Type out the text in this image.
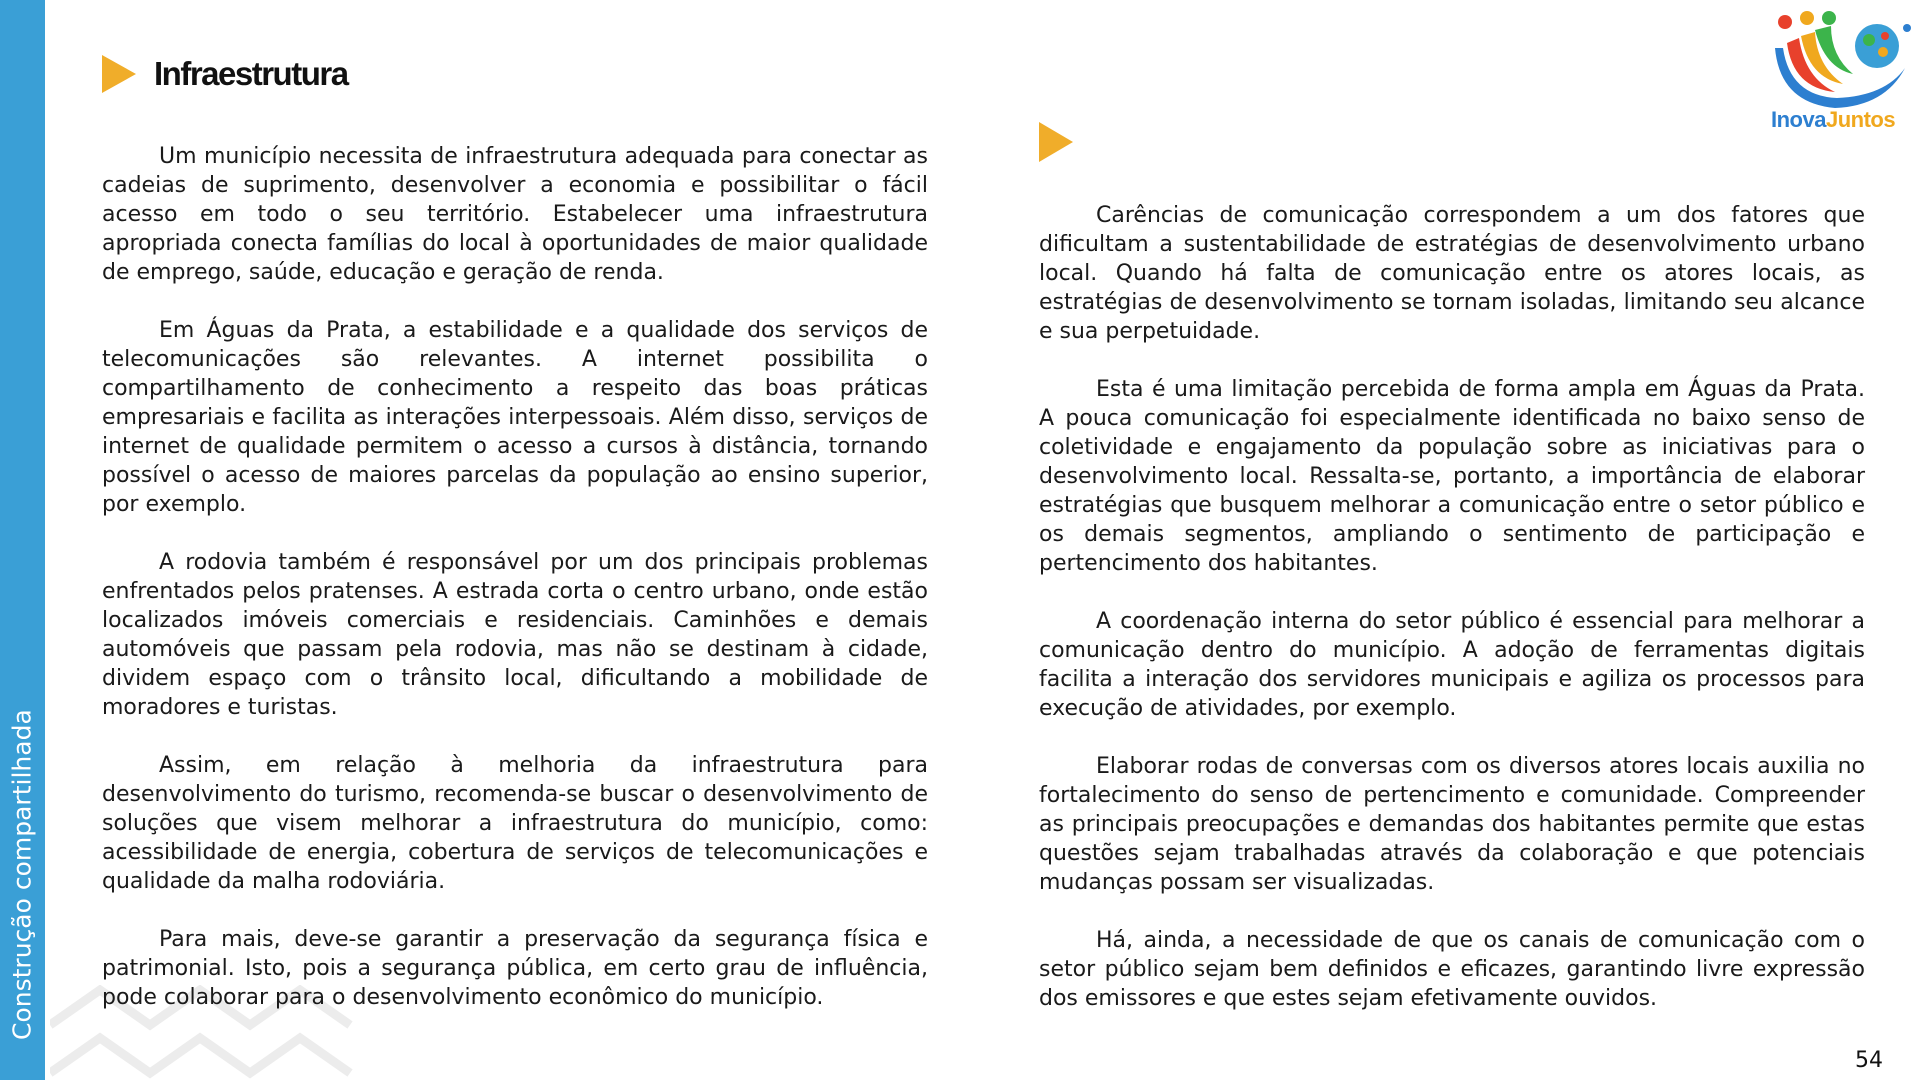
Construção compartilhada
Infraestrutura

Um município necessita de infraestrutura adequada para conectar as cadeias de suprimento, desenvolver a economia e possibilitar o fácil acesso em todo o seu território. Estabelecer uma infraestrutura apropriada conecta famílias do local à oportunidades de maior qualidade de emprego, saúde, educação e geração de renda.

Em Águas da Prata, a estabilidade e a qualidade dos serviços de telecomunicações são relevantes. A internet possibilita o compartilhamento de conhecimento a respeito das boas práticas empresariais e facilita as interações interpessoais. Além disso, serviços de internet de qualidade permitem o acesso a cursos à distância, tornando possível o acesso de maiores parcelas da população ao ensino superior, por exemplo.

A rodovia também é responsável por um dos principais problemas enfrentados pelos pratenses. A estrada corta o centro urbano, onde estão localizados imóveis comerciais e residenciais. Caminhões e demais automóveis que passam pela rodovia, mas não se destinam à cidade, dividem espaço com o trânsito local, dificultando a mobilidade de moradores e turistas.

Assim, em relação à melhoria da infraestrutura para desenvolvimento do turismo, recomenda-se buscar o desenvolvimento de soluções que visem melhorar a infraestrutura do município, como: acessibilidade de energia, cobertura de serviços de telecomunicações e qualidade da malha rodoviária.

Para mais, deve-se garantir a preservação da segurança física e patrimonial. Isto, pois a segurança pública, em certo grau de influência, pode colaborar para o desenvolvimento econômico do município.

Carências de comunicação correspondem a um dos fatores que dificultam a sustentabilidade de estratégias de desenvolvimento urbano local. Quando há falta de comunicação entre os atores locais, as estratégias de desenvolvimento se tornam isoladas, limitando seu alcance e sua perpetuidade.

Esta é uma limitação percebida de forma ampla em Águas da Prata. A pouca comunicação foi especialmente identificada no baixo senso de coletividade e engajamento da população sobre as iniciativas para o desenvolvimento local. Ressalta-se, portanto, a importância de elaborar estratégias que busquem melhorar a comunicação entre o setor público e os demais segmentos, ampliando o sentimento de participação e pertencimento dos habitantes.

A coordenação interna do setor público é essencial para melhorar a comunicação dentro do município. A adoção de ferramentas digitais facilita a interação dos servidores municipais e agiliza os processos para execução de atividades, por exemplo.

Elaborar rodas de conversas com os diversos atores locais auxilia no fortalecimento do senso de pertencimento e comunidade. Compreender as principais preocupações e demandas dos habitantes permite que estas questões sejam trabalhadas através da colaboração e que potenciais mudanças possam ser visualizadas.

Há, ainda, a necessidade de que os canais de comunicação com o setor público sejam bem definidos e eficazes, garantindo livre expressão dos emissores e que estes sejam efetivamente ouvidos.

InovaJuntos
54
